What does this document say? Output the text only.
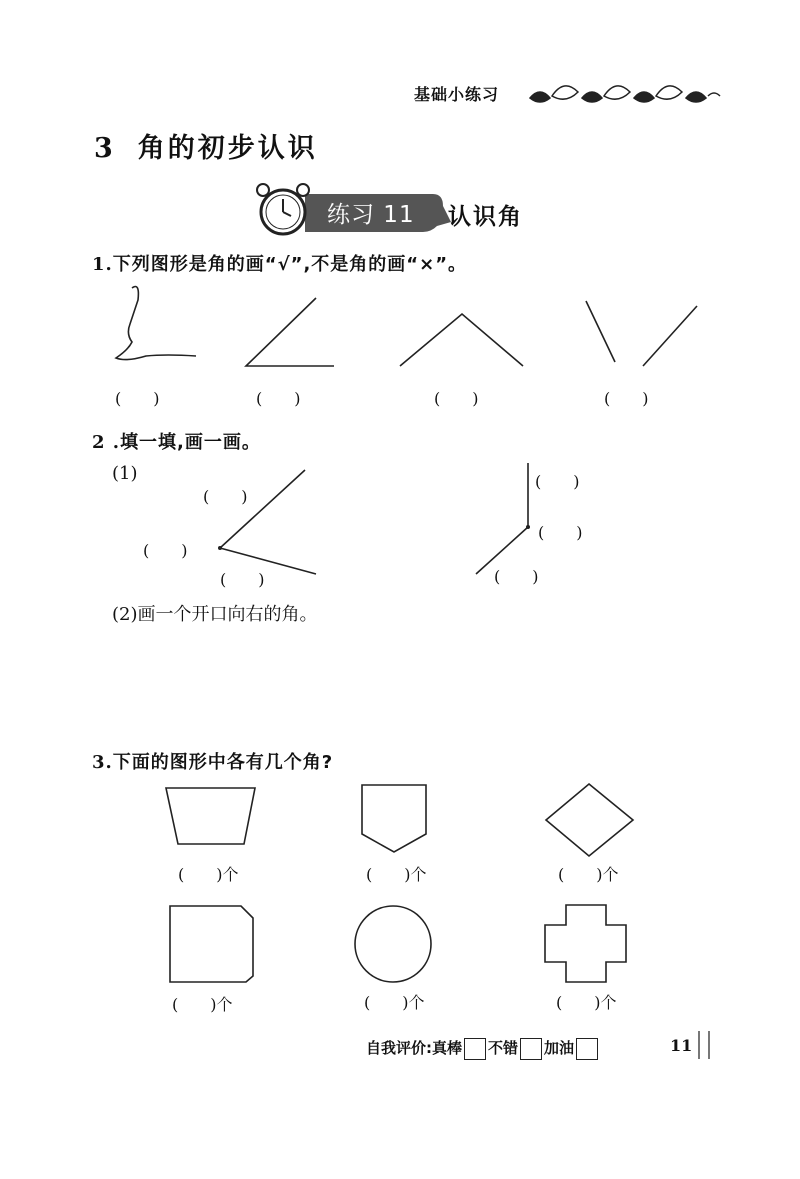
基础小练习
3 角的初步认识
练习 11 认识角
1.下列图形是角的画“√”,不是角的画“×”。
(　　)	(　　)	(　　)	(　　)
2 .填一填,画一画。
(1)
(　　)
(　　)
(　　)
(　　)
(　　)
(　　)
(2)画一个开口向右的角。
3.下面的图形中各有几个角?
(　　)个	(　　)个	(　　)个
(　　)个	(　　)个	(　　)个
自我评价:真棒 不错 加油	11
